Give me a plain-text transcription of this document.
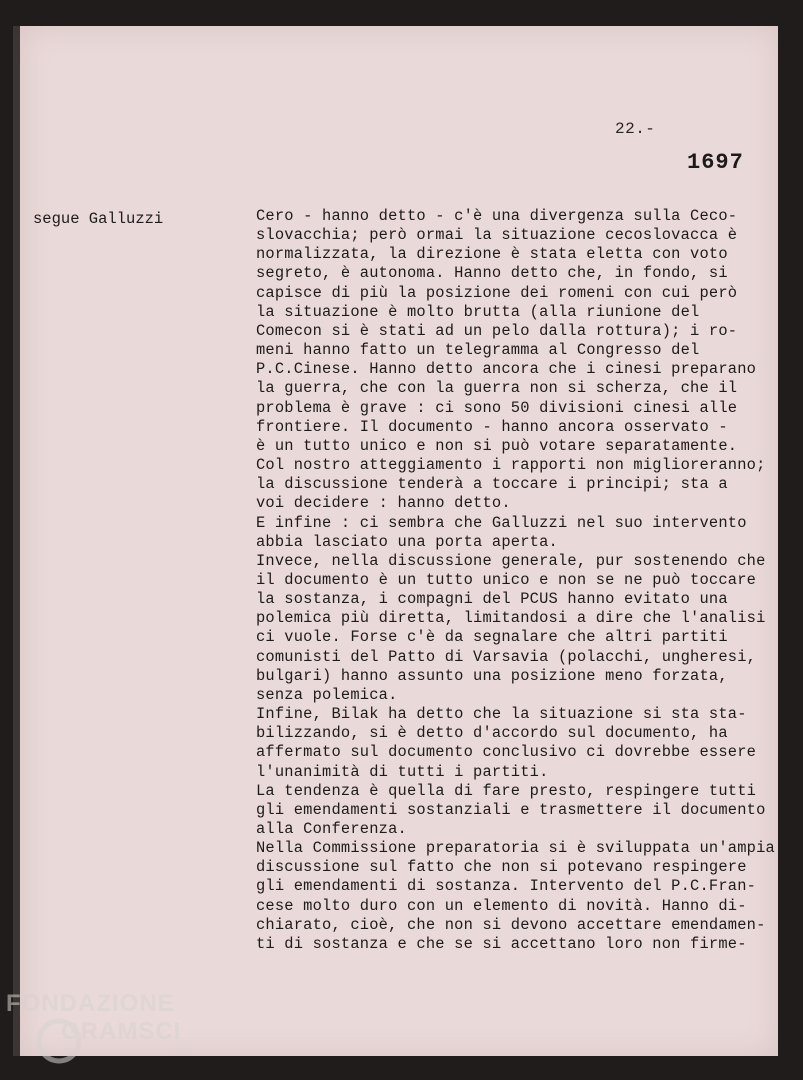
22.-
1697
segue Galluzzi	Cero - hanno detto - c'è una divergenza sulla Ceco-
slovacchia; però ormai la situazione cecoslovacca è
normalizzata, la direzione è stata eletta con voto
segreto, è autonoma. Hanno detto che, in fondo, si
capisce di più la posizione dei romeni con cui però
la situazione è molto brutta (alla riunione del
Comecon si è stati ad un pelo dalla rottura); i ro-
meni hanno fatto un telegramma al Congresso del
P.C.Cinese. Hanno detto ancora che i cinesi preparano
la guerra, che con la guerra non si scherza, che il
problema è grave : ci sono 50 divisioni cinesi alle
frontiere. Il documento - hanno ancora osservato -
è un tutto unico e non si può votare separatamente.
Col nostro atteggiamento i rapporti non miglioreranno;
la discussione tenderà a toccare i principi; sta a
voi decidere : hanno detto.
E infine : ci sembra che Galluzzi nel suo intervento
abbia lasciato una porta aperta.
Invece, nella discussione generale, pur sostenendo che
il documento è un tutto unico e non se ne può toccare
la sostanza, i compagni del PCUS hanno evitato una
polemica più diretta, limitandosi a dire che l'analisi
ci vuole. Forse c'è da segnalare che altri partiti
comunisti del Patto di Varsavia (polacchi, ungheresi,
bulgari) hanno assunto una posizione meno forzata,
senza polemica.
Infine, Bilak ha detto che la situazione si sta sta-
bilizzando, si è detto d'accordo sul documento, ha
affermato sul documento conclusivo ci dovrebbe essere
l'unanimità di tutti i partiti.
La tendenza è quella di fare presto, respingere tutti
gli emendamenti sostanziali e trasmettere il documento
alla Conferenza.
Nella Commissione preparatoria si è sviluppata un'ampia
discussione sul fatto che non si potevano respingere
gli emendamenti di sostanza. Intervento del P.C.Fran-
cese molto duro con un elemento di novità. Hanno di-
chiarato, cioè, che non si devono accettare emendamen-
ti di sostanza e che se si accettano loro non firme-
FONDAZIONE
GRAMSCI
onlus
